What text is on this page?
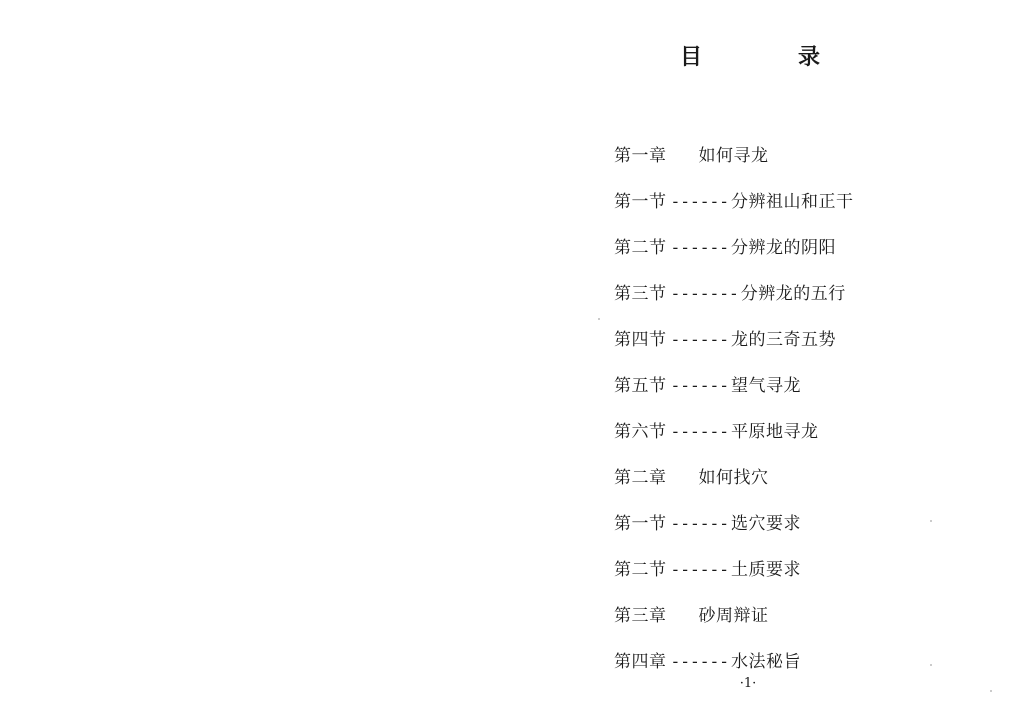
目	录
第一章 如何寻龙
第一节 ------分辨祖山和正干
第二节 ------分辨龙的阴阳
第三节 -------分辨龙的五行
第四节 ------龙的三奇五势
第五节 ------望气寻龙
第六节 ------平原地寻龙
第二章 如何找穴
第一节 ------选穴要求
第二节 ------土质要求
第三章 砂周辩证
第四章 ------水法秘旨
·1·
